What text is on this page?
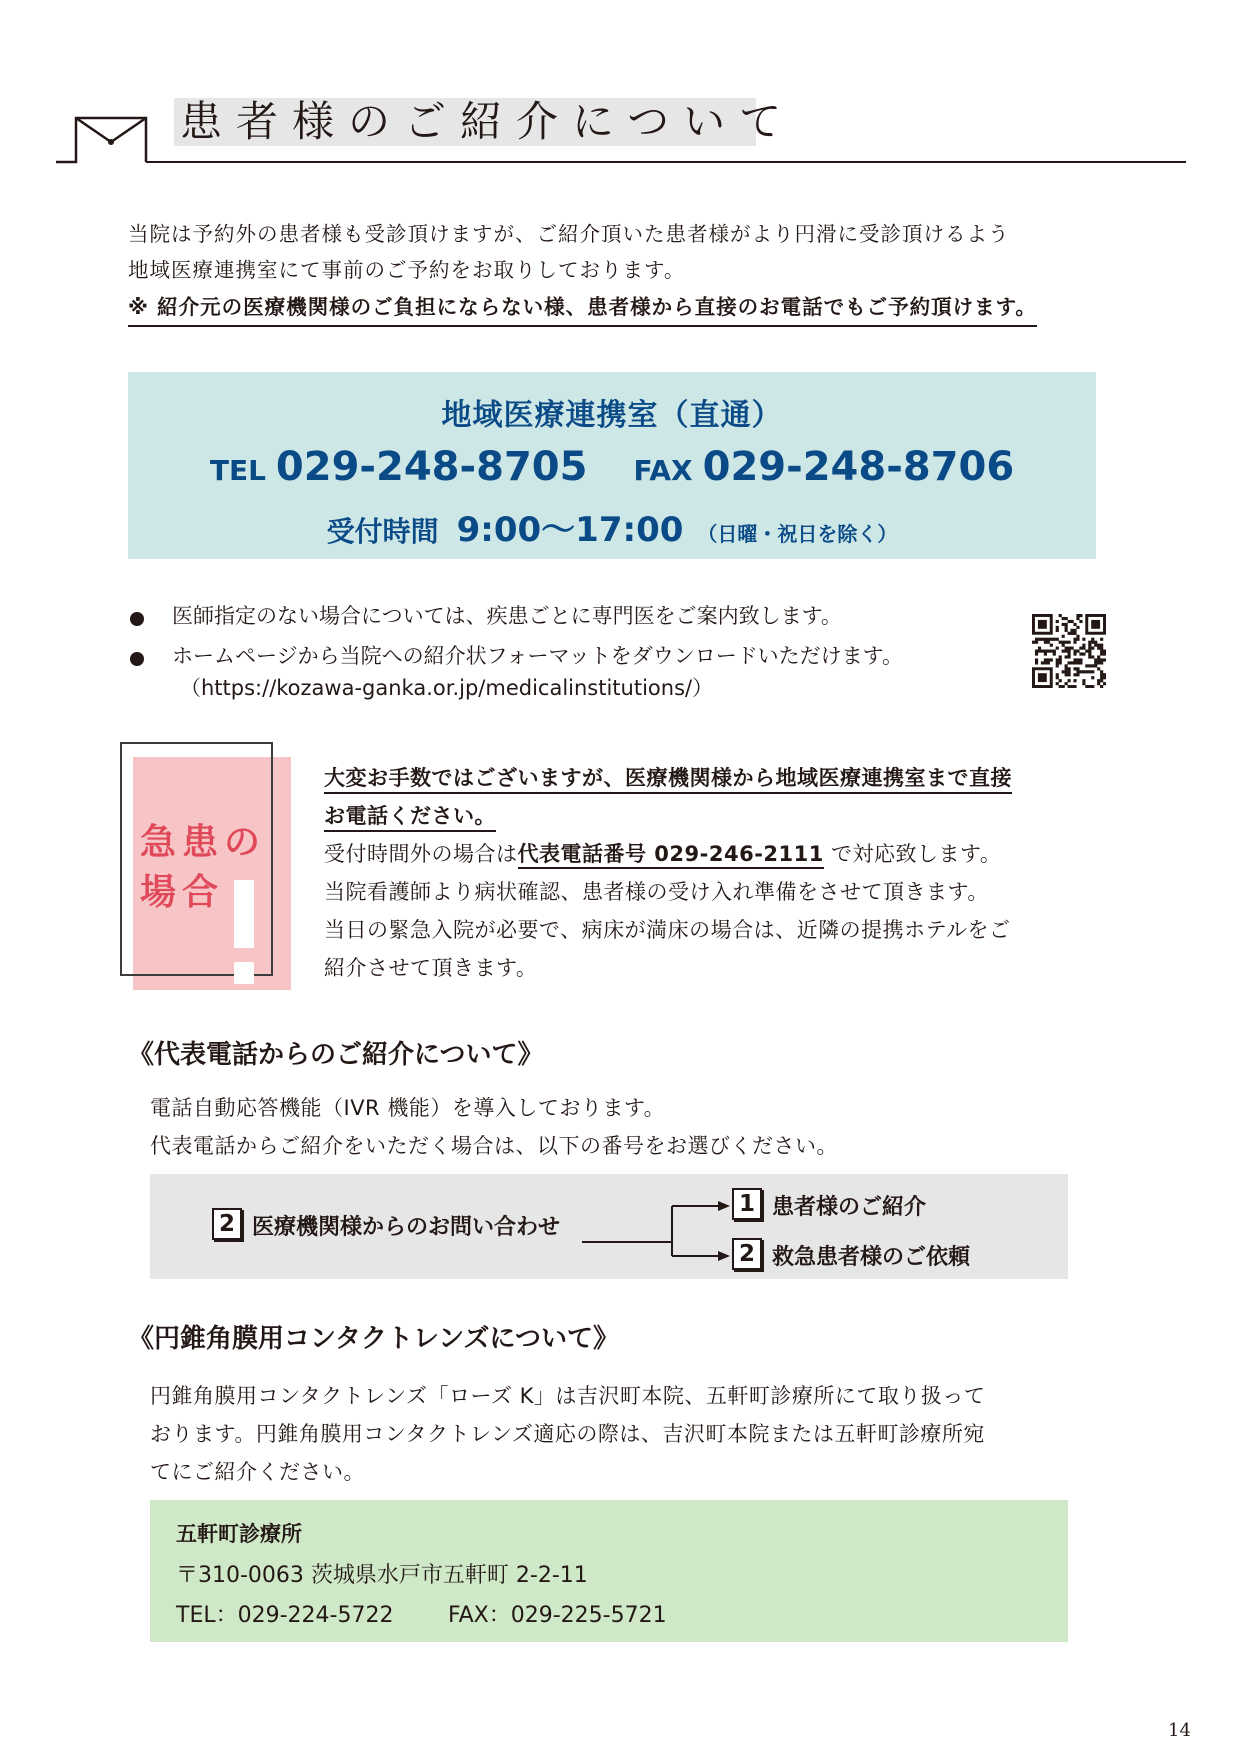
患者様のご紹介について
当院は予約外の患者様も受診頂けますが、ご紹介頂いた患者様がより円滑に受診頂けるよう
地域医療連携室にて事前のご予約をお取りしております。
※ 紹介元の医療機関様のご負担にならない様、患者様から直接のお電話でもご予約頂けます。
地域医療連携室（直通）
TEL 029-248-8705 FAX 029-248-8706
受付時間 9:00～17:00 （日曜・祝日を除く）
医師指定のない場合については、疾患ごとに専門医をご案内致します。
ホームページから当院への紹介状フォーマットをダウンロードいただけます。
（https://kozawa-ganka.or.jp/medicalinstitutions/）
急患の
場合
大変お手数ではございますが、医療機関様から地域医療連携室まで直接
お電話ください。
受付時間外の場合は代表電話番号 029-246-2111 で対応致します。
当院看護師より病状確認、患者様の受け入れ準備をさせて頂きます。
当日の緊急入院が必要で、病床が満床の場合は、近隣の提携ホテルをご
紹介させて頂きます。
《代表電話からのご紹介について》
電話自動応答機能（IVR 機能）を導入しております。
代表電話からご紹介をいただく場合は、以下の番号をお選びください。
2 医療機関様からのお問い合わせ
1 患者様のご紹介
2 救急患者様のご依頼
《円錐角膜用コンタクトレンズについて》
円錐角膜用コンタクトレンズ「ローズ K」は吉沢町本院、五軒町診療所にて取り扱って
おります。円錐角膜用コンタクトレンズ適応の際は、吉沢町本院または五軒町診療所宛
てにご紹介ください。
五軒町診療所
〒310-0063 茨城県水戸市五軒町 2-2-11
TEL：029-224-5722 FAX：029-225-5721
14
